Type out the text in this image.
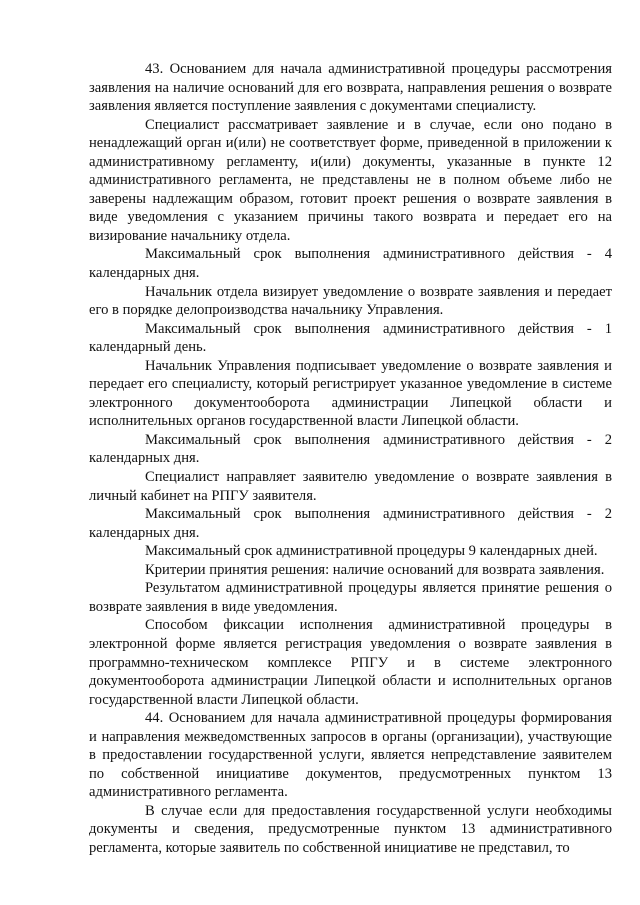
43. Основанием для начала административной процедуры рассмотрения заявления на наличие оснований для его возврата, направления решения о возврате заявления является поступление заявления с документами специалисту.

Специалист рассматривает заявление и в случае, если оно подано в ненадлежащий орган и(или) не соответствует форме, приведенной в приложении к административному регламенту, и(или) документы, указанные в пункте 12 административного регламента, не представлены не в полном объеме либо не заверены надлежащим образом, готовит проект решения о возврате заявления в виде уведомления с указанием причины такого возврата и передает его на визирование начальнику отдела.

Максимальный срок выполнения административного действия - 4 календарных дня.

Начальник отдела визирует уведомление о возврате заявления и передает его в порядке делопроизводства начальнику Управления.

Максимальный срок выполнения административного действия - 1 календарный день.

Начальник Управления подписывает уведомление о возврате заявления и передает его специалисту, который регистрирует указанное уведомление в системе электронного документооборота администрации Липецкой области и исполнительных органов государственной власти Липецкой области.

Максимальный срок выполнения административного действия - 2 календарных дня.

Специалист направляет заявителю уведомление о возврате заявления в личный кабинет на РПГУ заявителя.

Максимальный срок выполнения административного действия - 2 календарных дня.

Максимальный срок административной процедуры 9 календарных дней.

Критерии принятия решения: наличие оснований для возврата заявления.

Результатом административной процедуры является принятие решения о возврате заявления в виде уведомления.

Способом фиксации исполнения административной процедуры в электронной форме является регистрация уведомления о возврате заявления в программно-техническом комплексе РПГУ и в системе электронного документооборота администрации Липецкой области и исполнительных органов государственной власти Липецкой области.

44. Основанием для начала административной процедуры формирования и направления межведомственных запросов в органы (организации), участвующие в предоставлении государственной услуги, является непредставление заявителем по собственной инициативе документов, предусмотренных пунктом 13 административного регламента.

В случае если для предоставления государственной услуги необходимы документы и сведения, предусмотренные пунктом 13 административного регламента, которые заявитель по собственной инициативе не представил, то
